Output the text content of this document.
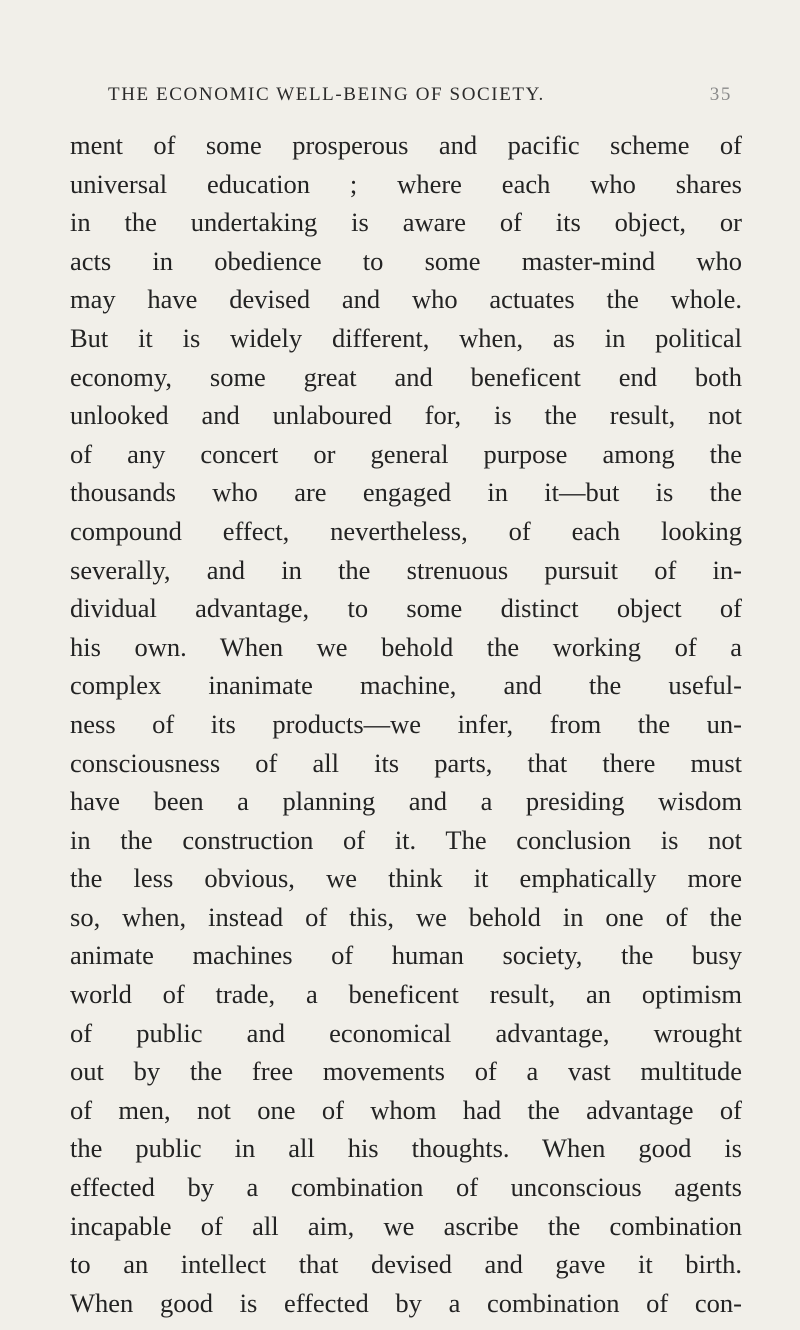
THE ECONOMIC WELL-BEING OF SOCIETY.	35
ment of some prosperous and pacific scheme of
universal education ; where each who shares
in the undertaking is aware of its object, or
acts in obedience to some master-mind who
may have devised and who actuates the whole.
But it is widely different, when, as in political
economy, some great and beneficent end both
unlooked and unlaboured for, is the result, not
of any concert or general purpose among the
thousands who are engaged in it—but is the
compound effect, nevertheless, of each looking
severally, and in the strenuous pursuit of in-
dividual advantage, to some distinct object of
his own. When we behold the working of a
complex inanimate machine, and the useful-
ness of its products—we infer, from the un-
consciousness of all its parts, that there must
have been a planning and a presiding wisdom
in the construction of it. The conclusion is not
the less obvious, we think it emphatically more
so, when, instead of this, we behold in one of the
animate machines of human society, the busy
world of trade, a beneficent result, an optimism
of public and economical advantage, wrought
out by the free movements of a vast multitude
of men, not one of whom had the advantage of
the public in all his thoughts. When good is
effected by a combination of unconscious agents
incapable of all aim, we ascribe the combination
to an intellect that devised and gave it birth.
When good is effected by a combination of con-
